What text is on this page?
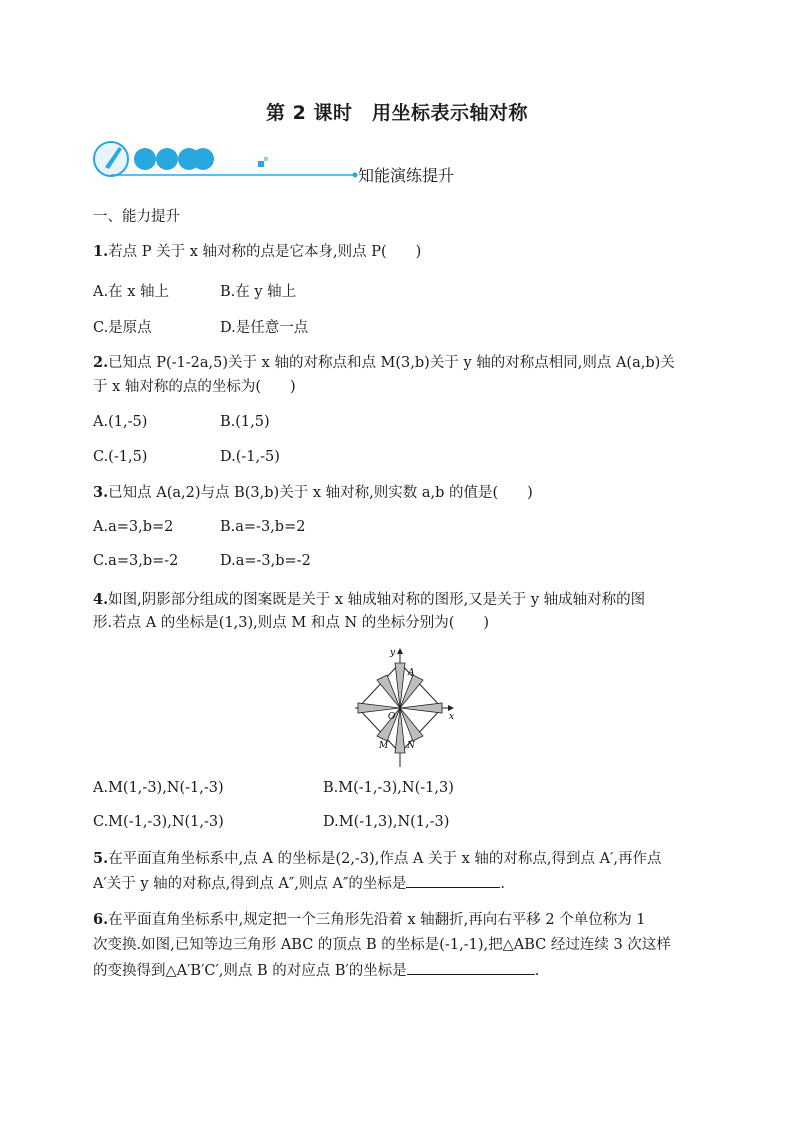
第 2 课时　用坐标表示轴对称
知能演练提升
一、能力提升
1.若点 P 关于 x 轴对称的点是它本身,则点 P(　　)
A.在 x 轴上	B.在 y 轴上
C.是原点	D.是任意一点
2.已知点 P(-1-2a,5)关于 x 轴的对称点和点 M(3,b)关于 y 轴的对称点相同,则点 A(a,b)关
于 x 轴对称的点的坐标为(　　)
A.(1,-5)	B.(1,5)
C.(-1,5)	D.(-1,-5)
3.已知点 A(a,2)与点 B(3,b)关于 x 轴对称,则实数 a,b 的值是(　　)
A.a=3,b=2	B.a=-3,b=2
C.a=3,b=-2	D.a=-3,b=-2
4.如图,阴影部分组成的图案既是关于 x 轴成轴对称的图形,又是关于 y 轴成轴对称的图
形.若点 A 的坐标是(1,3),则点 M 和点 N 的坐标分别为(　　)
y
x
O
A
M N
A.M(1,-3),N(-1,-3)	B.M(-1,-3),N(-1,3)
C.M(-1,-3),N(1,-3)	D.M(-1,3),N(1,-3)
5.在平面直角坐标系中,点 A 的坐标是(2,-3),作点 A 关于 x 轴的对称点,得到点 A′,再作点
A′关于 y 轴的对称点,得到点 A″,则点 A″的坐标是	.
6.在平面直角坐标系中,规定把一个三角形先沿着 x 轴翻折,再向右平移 2 个单位称为 1
次变换.如图,已知等边三角形 ABC 的顶点 B 的坐标是(-1,-1),把△ABC 经过连续 3 次这样
的变换得到△A′B′C′,则点 B 的对应点 B′的坐标是	.
